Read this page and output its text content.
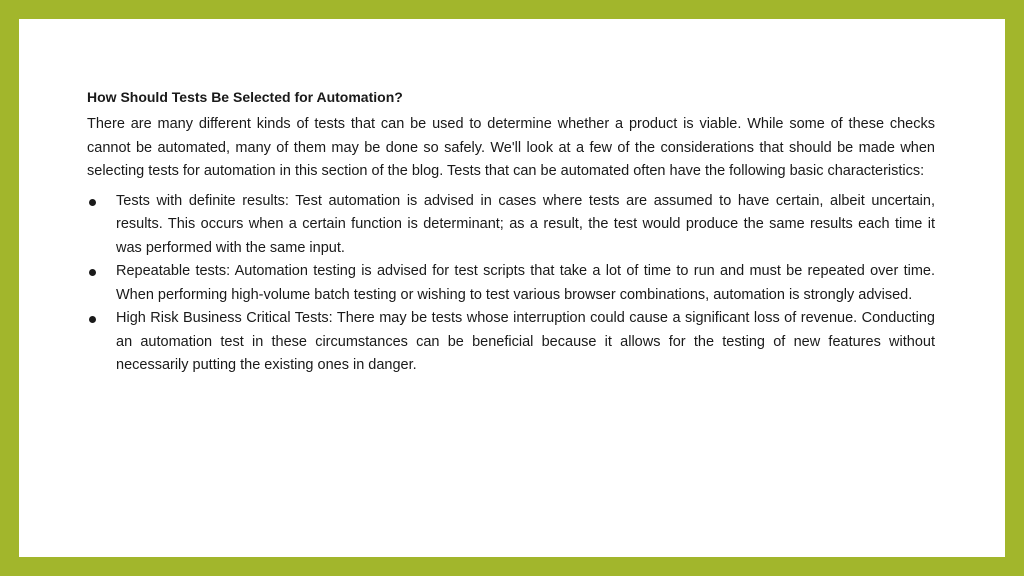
How Should Tests Be Selected for Automation?

There are many different kinds of tests that can be used to determine whether a product is viable. While some of these checks cannot be automated, many of them may be done so safely. We'll look at a few of the considerations that should be made when selecting tests for automation in this section of the blog. Tests that can be automated often have the following basic characteristics:

Tests with definite results: Test automation is advised in cases where tests are assumed to have certain, albeit uncertain, results. This occurs when a certain function is determinant; as a result, the test would produce the same results each time it was performed with the same input.
Repeatable tests: Automation testing is advised for test scripts that take a lot of time to run and must be repeated over time. When performing high-volume batch testing or wishing to test various browser combinations, automation is strongly advised.
High Risk Business Critical Tests: There may be tests whose interruption could cause a significant loss of revenue. Conducting an automation test in these circumstances can be beneficial because it allows for the testing of new features without necessarily putting the existing ones in danger.
